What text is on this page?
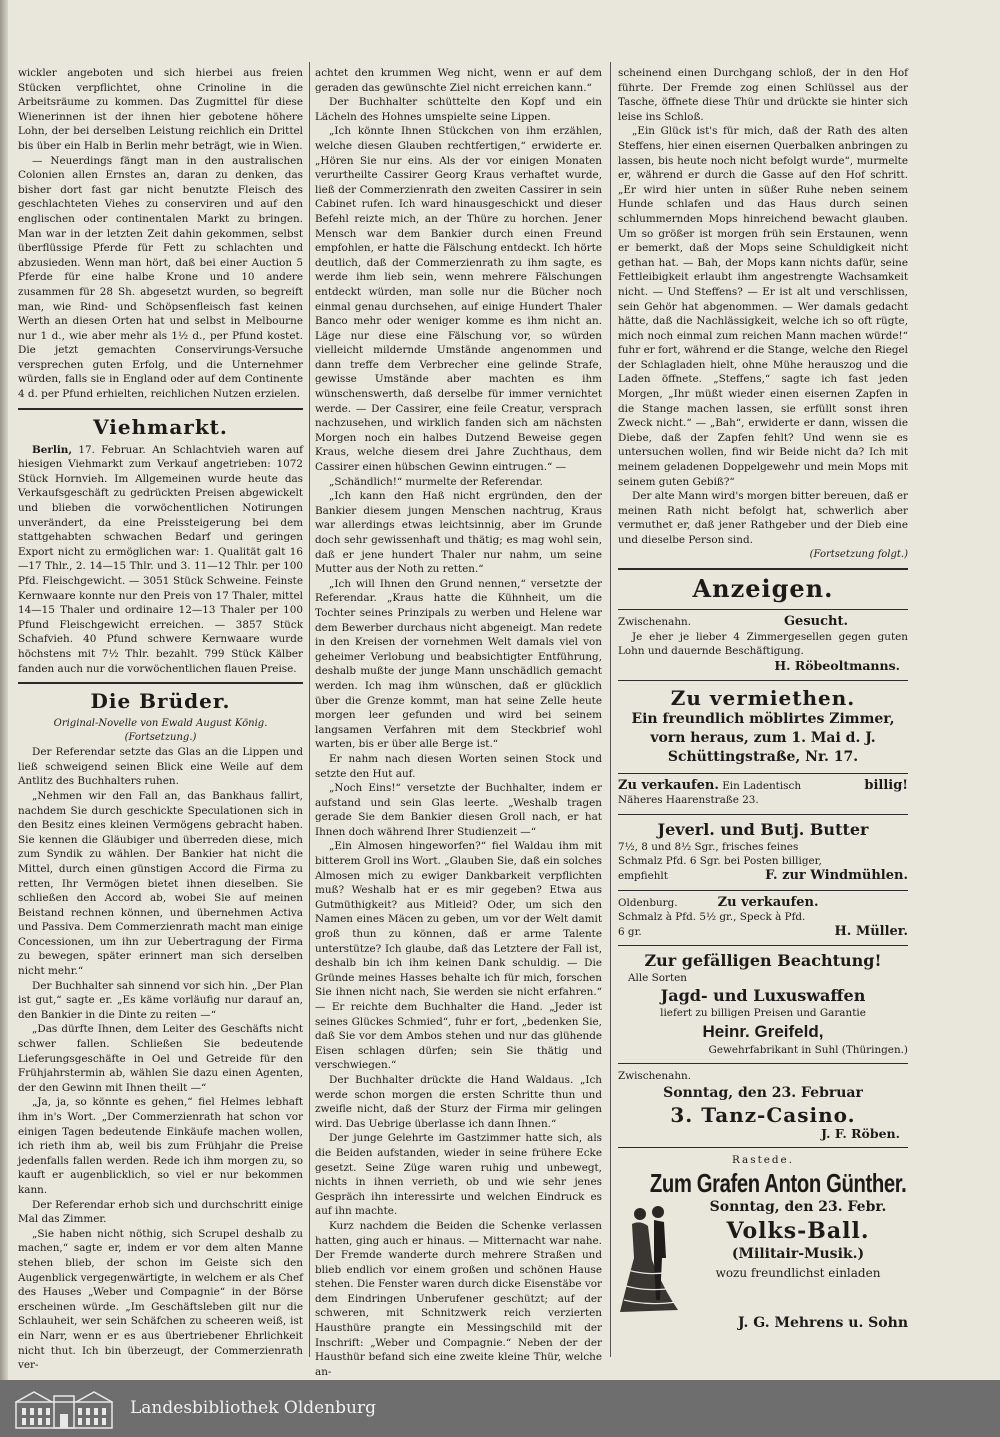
wickler angeboten und sich hierbei aus freien Stücken verpflichtet, ohne Crinoline in die Arbeitsräume zu kommen. Das Zugmittel für diese Wienerinnen ist der ihnen hier gebotene höhere Lohn, der bei derselben Leistung reichlich ein Drittel bis über ein Halb in Berlin mehr beträgt, wie in Wien.

— Neuerdings fängt man in den australischen Colonien allen Ernstes an, daran zu denken, das bisher dort fast gar nicht benutzte Fleisch des geschlachteten Viehes zu conserviren und auf den englischen oder continentalen Markt zu bringen. Man war in der letzten Zeit dahin gekommen, selbst überflüssige Pferde für Fett zu schlachten und abzusieden. Wenn man hört, daß bei einer Auction 5 Pferde für eine halbe Krone und 10 andere zusammen für 28 Sh. abgesetzt wurden, so begreift man, wie Rind- und Schöpsenfleisch fast keinen Werth an diesen Orten hat und selbst in Melbourne nur 1 d., wie aber mehr als 1½ d., per Pfund kostet. Die jetzt gemachten Conservirungs-Versuche versprechen guten Erfolg, und die Unternehmer würden, falls sie in England oder auf dem Continente 4 d. per Pfund erhielten, reichlichen Nutzen erzielen.

Viehmarkt.

Berlin, 17. Februar. An Schlachtvieh waren auf hiesigen Viehmarkt zum Verkauf angetrieben: 1072 Stück Hornvieh. Im Allgemeinen wurde heute das Verkaufsgeschäft zu gedrückten Preisen abgewickelt und blieben die vorwöchentlichen Notirungen unverändert, da eine Preissteigerung bei dem stattgehabten schwachen Bedarf und geringen Export nicht zu ermöglichen war: 1. Qualität galt 16—17 Thlr., 2. 14—15 Thlr. und 3. 11—12 Thlr. per 100 Pfd. Fleischgewicht. — 3051 Stück Schweine. Feinste Kernwaare konnte nur den Preis von 17 Thaler, mittel 14—15 Thaler und ordinaire 12—13 Thaler per 100 Pfund Fleischgewicht erreichen. — 3857 Stück Schafvieh. 40 Pfund schwere Kernwaare wurde höchstens mit 7½ Thlr. bezahlt. 799 Stück Kälber fanden auch nur die vorwöchentlichen flauen Preise.

Die Brüder.
Original-Novelle von Ewald August König.
(Fortsetzung.)

Der Referendar setzte das Glas an die Lippen und ließ schweigend seinen Blick eine Weile auf dem Antlitz des Buchhalters ruhen.

„Nehmen wir den Fall an, das Bankhaus fallirt, nachdem Sie durch geschickte Speculationen sich in den Besitz eines kleinen Vermögens gebracht haben. Sie kennen die Gläubiger und überreden diese, mich zum Syndik zu wählen. Der Bankier hat nicht die Mittel, durch einen günstigen Accord die Firma zu retten, Ihr Vermögen bietet ihnen dieselben. Sie schließen den Accord ab, wobei Sie auf meinen Beistand rechnen können, und übernehmen Activa und Passiva. Dem Commerzienrath macht man einige Concessionen, um ihn zur Uebertragung der Firma zu bewegen, später erinnert man sich derselben nicht mehr.“

Der Buchhalter sah sinnend vor sich hin. „Der Plan ist gut,“ sagte er. „Es käme vorläufig nur darauf an, den Bankier in die Dinte zu reiten —“

„Das dürfte Ihnen, dem Leiter des Geschäfts nicht schwer fallen. Schließen Sie bedeutende Lieferungsgeschäfte in Oel und Getreide für den Frühjahrstermin ab, wählen Sie dazu einen Agenten, der den Gewinn mit Ihnen theilt —“

„Ja, ja, so könnte es gehen,“ fiel Helmes lebhaft ihm in's Wort. „Der Commerzienrath hat schon vor einigen Tagen bedeutende Einkäufe machen wollen, ich rieth ihm ab, weil bis zum Frühjahr die Preise jedenfalls fallen werden. Rede ich ihm morgen zu, so kauft er augenblicklich, so viel er nur bekommen kann.

Der Referendar erhob sich und durchschritt einige Mal das Zimmer.

„Sie haben nicht nöthig, sich Scrupel deshalb zu machen,“ sagte er, indem er vor dem alten Manne stehen blieb, der schon im Geiste sich den Augenblick vergegenwärtigte, in welchem er als Chef des Hauses „Weber und Compagnie“ in der Börse erscheinen würde. „Im Geschäftsleben gilt nur die Schlauheit, wer sein Schäfchen zu scheeren weiß, ist ein Narr, wenn er es aus übertriebener Ehrlichkeit nicht thut. Ich bin überzeugt, der Commerzienrath ver-

achtet den krummen Weg nicht, wenn er auf dem geraden das gewünschte Ziel nicht erreichen kann.“

Der Buchhalter schüttelte den Kopf und ein Lächeln des Hohnes umspielte seine Lippen.

„Ich könnte Ihnen Stückchen von ihm erzählen, welche diesen Glauben rechtfertigen,“ erwiderte er. „Hören Sie nur eins. Als der vor einigen Monaten verurtheilte Cassirer Georg Kraus verhaftet wurde, ließ der Commerzienrath den zweiten Cassirer in sein Cabinet rufen. Ich ward hinausgeschickt und dieser Befehl reizte mich, an der Thüre zu horchen. Jener Mensch war dem Bankier durch einen Freund empfohlen, er hatte die Fälschung entdeckt. Ich hörte deutlich, daß der Commerzienrath zu ihm sagte, es werde ihm lieb sein, wenn mehrere Fälschungen entdeckt würden, man solle nur die Bücher noch einmal genau durchsehen, auf einige Hundert Thaler Banco mehr oder weniger komme es ihm nicht an. Läge nur diese eine Fälschung vor, so würden vielleicht mildernde Umstände angenommen und dann treffe dem Verbrecher eine gelinde Strafe, gewisse Umstände aber machten es ihm wünschenswerth, daß derselbe für immer vernichtet werde. — Der Cassirer, eine feile Creatur, versprach nachzusehen, und wirklich fanden sich am nächsten Morgen noch ein halbes Dutzend Beweise gegen Kraus, welche diesem drei Jahre Zuchthaus, dem Cassirer einen hübschen Gewinn eintrugen.“ —

„Schändlich!“ murmelte der Referendar.

„Ich kann den Haß nicht ergründen, den der Bankier diesem jungen Menschen nachtrug, Kraus war allerdings etwas leichtsinnig, aber im Grunde doch sehr gewissenhaft und thätig; es mag wohl sein, daß er jene hundert Thaler nur nahm, um seine Mutter aus der Noth zu retten.“

„Ich will Ihnen den Grund nennen,“ versetzte der Referendar. „Kraus hatte die Kühnheit, um die Tochter seines Prinzipals zu werben und Helene war dem Bewerber durchaus nicht abgeneigt. Man redete in den Kreisen der vornehmen Welt damals viel von geheimer Verlobung und beabsichtigter Entführung, deshalb mußte der junge Mann unschädlich gemacht werden. Ich mag ihm wünschen, daß er glücklich über die Grenze kommt, man hat seine Zelle heute morgen leer gefunden und wird bei seinem langsamen Verfahren mit dem Steckbrief wohl warten, bis er über alle Berge ist.“

Er nahm nach diesen Worten seinen Stock und setzte den Hut auf.

„Noch Eins!“ versetzte der Buchhalter, indem er aufstand und sein Glas leerte. „Weshalb tragen gerade Sie dem Bankier diesen Groll nach, er hat Ihnen doch während Ihrer Studienzeit —“

„Ein Almosen hingeworfen?“ fiel Waldau ihm mit bitterem Groll ins Wort. „Glauben Sie, daß ein solches Almosen mich zu ewiger Dankbarkeit verpflichten muß? Weshalb hat er es mir gegeben? Etwa aus Gutmüthigkeit? aus Mitleid? Oder, um sich den Namen eines Mäcen zu geben, um vor der Welt damit groß thun zu können, daß er arme Talente unterstütze? Ich glaube, daß das Letztere der Fall ist, deshalb bin ich ihm keinen Dank schuldig. — Die Gründe meines Hasses behalte ich für mich, forschen Sie ihnen nicht nach, Sie werden sie nicht erfahren.“ — Er reichte dem Buchhalter die Hand. „Jeder ist seines Glückes Schmied“, fuhr er fort, „bedenken Sie, daß Sie vor dem Ambos stehen und nur das glühende Eisen schlagen dürfen; sein Sie thätig und verschwiegen.“

Der Buchhalter drückte die Hand Waldaus. „Ich werde schon morgen die ersten Schritte thun und zweifle nicht, daß der Sturz der Firma mir gelingen wird. Das Uebrige überlasse ich dann Ihnen.“

Der junge Gelehrte im Gastzimmer hatte sich, als die Beiden aufstanden, wieder in seine frühere Ecke gesetzt. Seine Züge waren ruhig und unbewegt, nichts in ihnen verrieth, ob und wie sehr jenes Gespräch ihn interessirte und welchen Eindruck es auf ihn machte.

Kurz nachdem die Beiden die Schenke verlassen hatten, ging auch er hinaus. — Mitternacht war nahe. Der Fremde wanderte durch mehrere Straßen und blieb endlich vor einem großen und schönen Hause stehen. Die Fenster waren durch dicke Eisenstäbe vor dem Eindringen Unberufener geschützt; auf der schweren, mit Schnitzwerk reich verzierten Hausthüre prangte ein Messingschild mit der Inschrift: „Weber und Compagnie.“ Neben der der Hausthür befand sich eine zweite kleine Thür, welche an-

scheinend einen Durchgang schloß, der in den Hof führte. Der Fremde zog einen Schlüssel aus der Tasche, öffnete diese Thür und drückte sie hinter sich leise ins Schloß.

„Ein Glück ist's für mich, daß der Rath des alten Steffens, hier einen eisernen Querbalken anbringen zu lassen, bis heute noch nicht befolgt wurde“, murmelte er, während er durch die Gasse auf den Hof schritt. „Er wird hier unten in süßer Ruhe neben seinem Hunde schlafen und das Haus durch seinen schlummernden Mops hinreichend bewacht glauben. Um so größer ist morgen früh sein Erstaunen, wenn er bemerkt, daß der Mops seine Schuldigkeit nicht gethan hat. — Bah, der Mops kann nichts dafür, seine Fettleibigkeit erlaubt ihm angestrengte Wachsamkeit nicht. — Und Steffens? — Er ist alt und verschlissen, sein Gehör hat abgenommen. — Wer damals gedacht hätte, daß die Nachlässigkeit, welche ich so oft rügte, mich noch einmal zum reichen Mann machen würde!“ fuhr er fort, während er die Stange, welche den Riegel der Schlagladen hielt, ohne Mühe herauszog und die Laden öffnete. „Steffens,“ sagte ich fast jeden Morgen, „Ihr müßt wieder einen eisernen Zapfen in die Stange machen lassen, sie erfüllt sonst ihren Zweck nicht.“ — „Bah“, erwiderte er dann, wissen die Diebe, daß der Zapfen fehlt? Und wenn sie es untersuchen wollen, find wir Beide nicht da? Ich mit meinem geladenen Doppelgewehr und mein Mops mit seinem guten Gebiß?“

Der alte Mann wird's morgen bitter bereuen, daß er meinen Rath nicht befolgt hat, schwerlich aber vermuthet er, daß jener Rathgeber und der Dieb eine und dieselbe Person sind.

(Fortsetzung folgt.)
Anzeigen.
Zwischenahn.	Gesucht.
Je eher je lieber 4 Zimmergesellen gegen guten Lohn und dauernde Beschäftigung.
H. Röbeoltmanns.
Zu vermiethen.
Ein freundlich möblirtes Zimmer, vorn heraus, zum 1. Mai d. J.
Schüttingstraße, Nr. 17.
Zu verkaufen. Ein Ladentisch	billig!
Näheres Haarenstraße 23.
Jeverl. und Butj. Butter
7½, 8 und 8½ Sgr., frisches feines
Schmalz Pfd. 6 Sgr. bei Posten billiger,
empfiehlt	F. zur Windmühlen.
Oldenburg.	Zu verkaufen.
Schmalz à Pfd. 5½ gr., Speck à Pfd.
6 gr.	H. Müller.
Zur gefälligen Beachtung!
Alle Sorten
Jagd- und Luxuswaffen
liefert zu billigen Preisen und Garantie
Heinr. Greifeld,
Gewehrfabrikant in Suhl (Thüringen.)
Zwischenahn.
Sonntag, den 23. Februar
3. Tanz-Casino.
J. F. Röben.
Rastede.
Zum Grafen Anton Günther.
Sonntag, den 23. Febr.
Volks-Ball.
(Militair-Musik.)
wozu freundlichst einladen
J. G. Mehrens u. Sohn
Landesbibliothek Oldenburg
